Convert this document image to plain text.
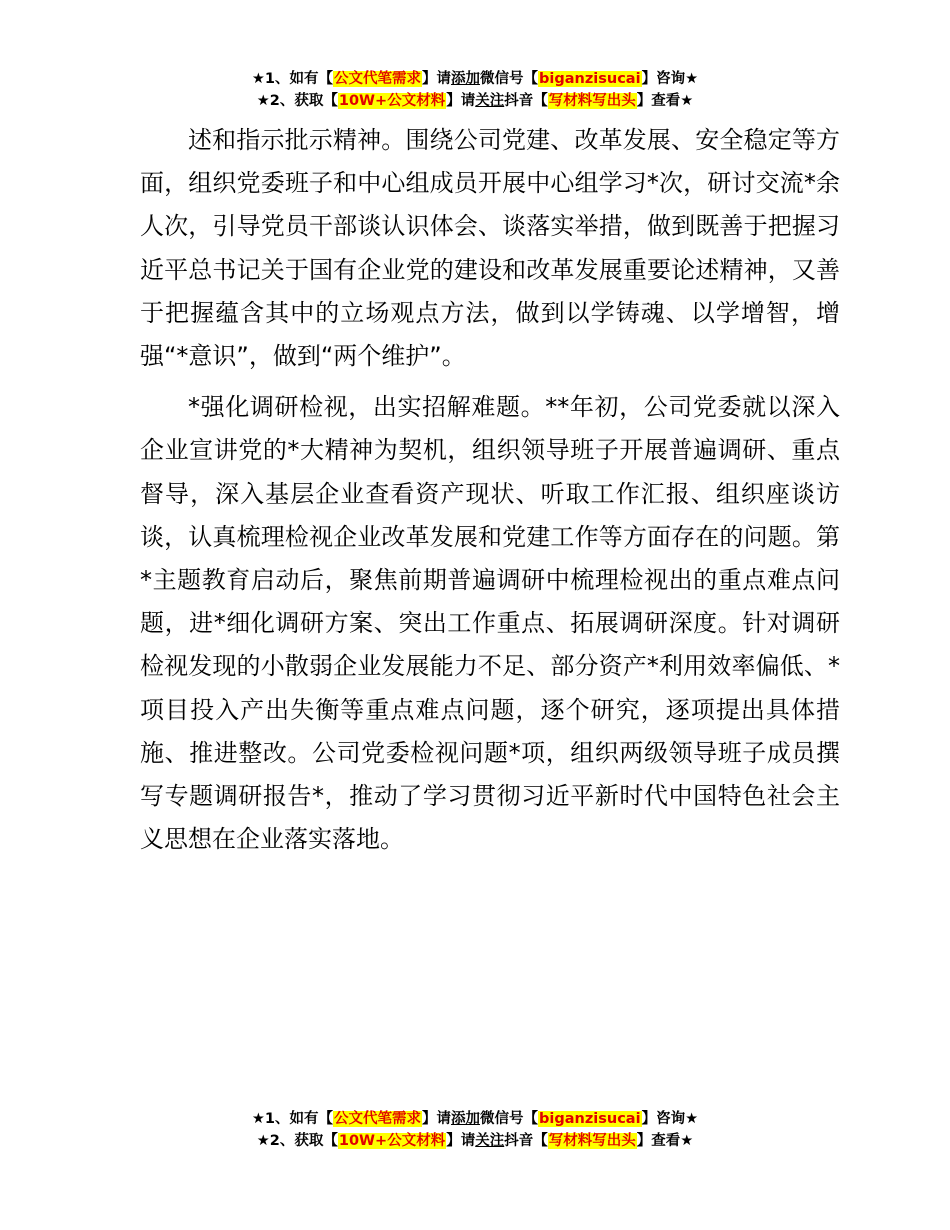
★1、如有【公文代笔需求】请添加微信号【biganzisucai】咨询★
★2、获取【10W+公文材料】请关注抖音【写材料写出头】查看★

述和指示批示精神。围绕公司党建、改革发展、安全稳定等方面，组织党委班子和中心组成员开展中心组学习*次，研讨交流*余人次，引导党员干部谈认识体会、谈落实举措，做到既善于把握习近平总书记关于国有企业党的建设和改革发展重要论述精神，又善于把握蕴含其中的立场观点方法，做到以学铸魂、以学增智，增强“*意识”，做到“两个维护”。

*强化调研检视，出实招解难题。**年初，公司党委就以深入企业宣讲党的*大精神为契机，组织领导班子开展普遍调研、重点督导，深入基层企业查看资产现状、听取工作汇报、组织座谈访谈，认真梳理检视企业改革发展和党建工作等方面存在的问题。第*主题教育启动后，聚焦前期普遍调研中梳理检视出的重点难点问题，进*细化调研方案、突出工作重点、拓展调研深度。针对调研检视发现的小散弱企业发展能力不足、部分资产*利用效率偏低、*项目投入产出失衡等重点难点问题，逐个研究，逐项提出具体措施、推进整改。公司党委检视问题*项，组织两级领导班子成员撰写专题调研报告*，推动了学习贯彻习近平新时代中国特色社会主义思想在企业落实落地。

★1、如有【公文代笔需求】请添加微信号【biganzisucai】咨询★
★2、获取【10W+公文材料】请关注抖音【写材料写出头】查看★
